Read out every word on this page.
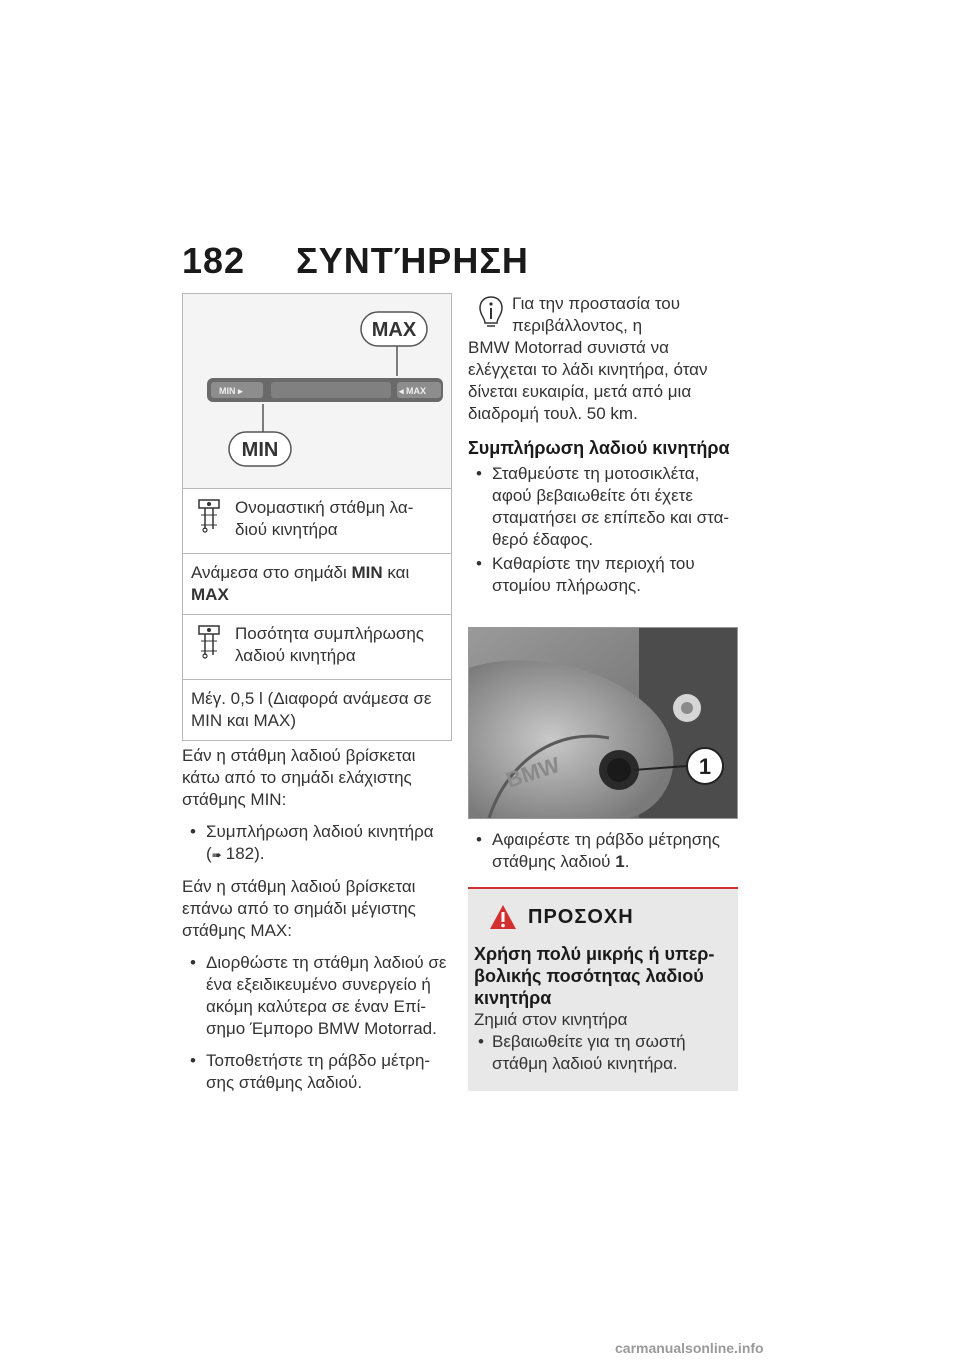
182 ΣΥΝΤΉΡΗΣΗ
MIN ▸	◂ MAX
MIN
MAX
Ονομαστική στάθμη λα-διού κινητήρα
Ανάμεσα στο σημάδι MIN και MAX
Ποσότητα συμπλήρωσης λαδιού κινητήρα
Μέγ. 0,5 l (Διαφορά ανάμεσα σε MIN και MAX)

Εάν η στάθμη λαδιού βρίσκεται κάτω από το σημάδι ελάχιστης στάθμης MIN:

• Συμπλήρωση λαδιού κινητήρα (➠ 182).

Εάν η στάθμη λαδιού βρίσκεται επάνω από το σημάδι μέγιστης στάθμης MAX:

• Διορθώστε τη στάθμη λαδιού σε ένα εξειδικευμένο συνεργείο ή ακόμη καλύτερα σε έναν Επί-σημο Έμπορο BMW Motorrad.
• Τοποθετήστε τη ράβδο μέτρη-σης στάθμης λαδιού.
Για την προστασία του περιβάλλοντος, η
BMW Motorrad συνιστά να ελέγχεται το λάδι κινητήρα, όταν δίνεται ευκαιρία, μετά από μια διαδρομή τουλ. 50 km.
Συμπλήρωση λαδιού κινητήρα
• Σταθμεύστε τη μοτοσικλέτα, αφού βεβαιωθείτε ότι έχετε σταματήσει σε επίπεδο και στα-θερό έδαφος.
• Καθαρίστε την περιοχή του στομίου πλήρωσης.
BMW	1
• Αφαιρέστε τη ράβδο μέτρησης στάθμης λαδιού 1.
ΠΡΟΣΟΧΗ
Χρήση πολύ μικρής ή υπερ-βολικής ποσότητας λαδιού κινητήρα
Ζημιά στον κινητήρα
• Βεβαιωθείτε για τη σωστή στάθμη λαδιού κινητήρα.
carmanualsonline.info
